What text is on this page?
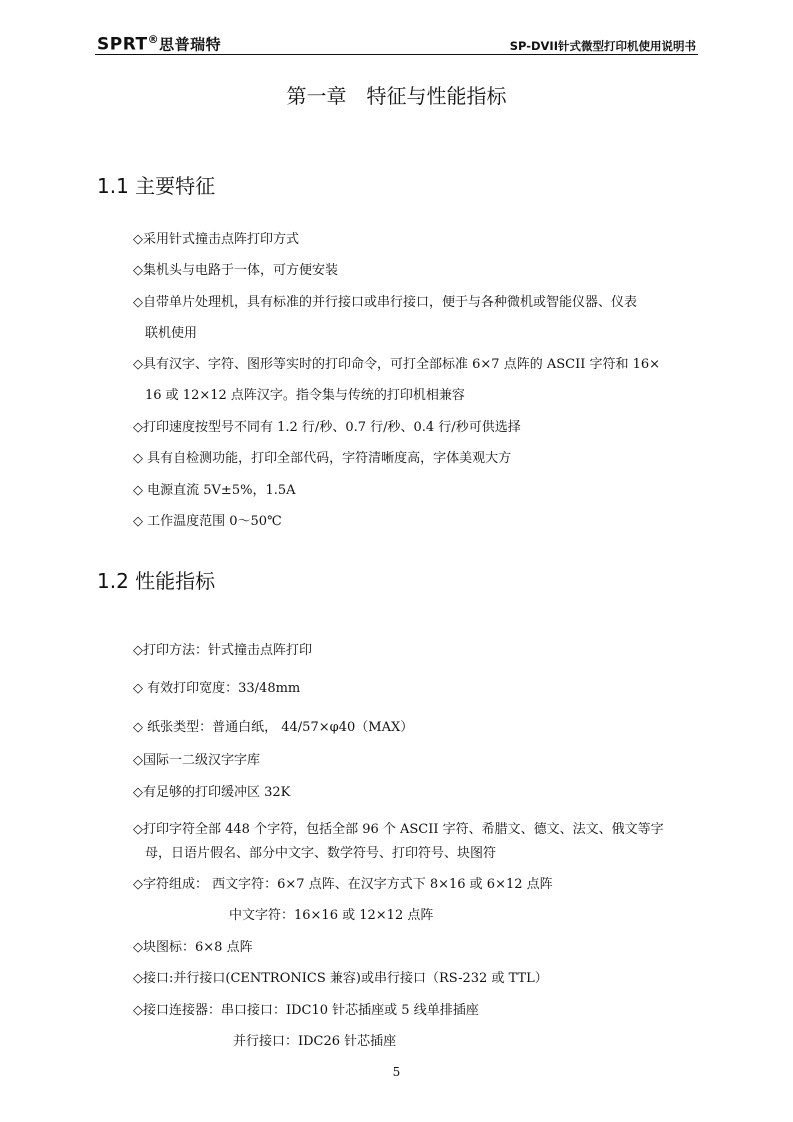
SPRT®思普瑞特	SP-DVII针式微型打印机使用说明书
第一章　特征与性能指标
1.1 主要特征
◇采用针式撞击点阵打印方式
◇集机头与电路于一体，可方便安装
◇自带单片处理机，具有标准的并行接口或串行接口，便于与各种微机或智能仪器、仪表
联机使用
◇具有汉字、字符、图形等实时的打印命令，可打全部标准 6×7 点阵的 ASCII 字符和 16×
16 或 12×12 点阵汉字。指令集与传统的打印机相兼容
◇打印速度按型号不同有 1.2 行/秒、0.7 行/秒、0.4 行/秒可供选择
◇ 具有自检测功能，打印全部代码，字符清晰度高，字体美观大方
◇ 电源直流 5V±5%，1.5A
◇ 工作温度范围 0～50℃
1.2 性能指标
◇打印方法：针式撞击点阵打印
◇ 有效打印宽度：33/48mm
◇ 纸张类型：普通白纸， 44/57×φ40（MAX）
◇国际一二级汉字字库
◇有足够的打印缓冲区 32K
◇打印字符全部 448 个字符，包括全部 96 个 ASCII 字符、希腊文、德文、法文、俄文等字
母，日语片假名、部分中文字、数学符号、打印符号、块图符
◇字符组成： 西文字符：6×7 点阵、在汉字方式下 8×16 或 6×12 点阵
中文字符：16×16 或 12×12 点阵
◇块图标：6×8 点阵
◇接口:并行接口(CENTRONICS 兼容)或串行接口（RS-232 或 TTL）
◇接口连接器：串口接口：IDC10 针芯插座或 5 线单排插座
并行接口：IDC26 针芯插座
5
